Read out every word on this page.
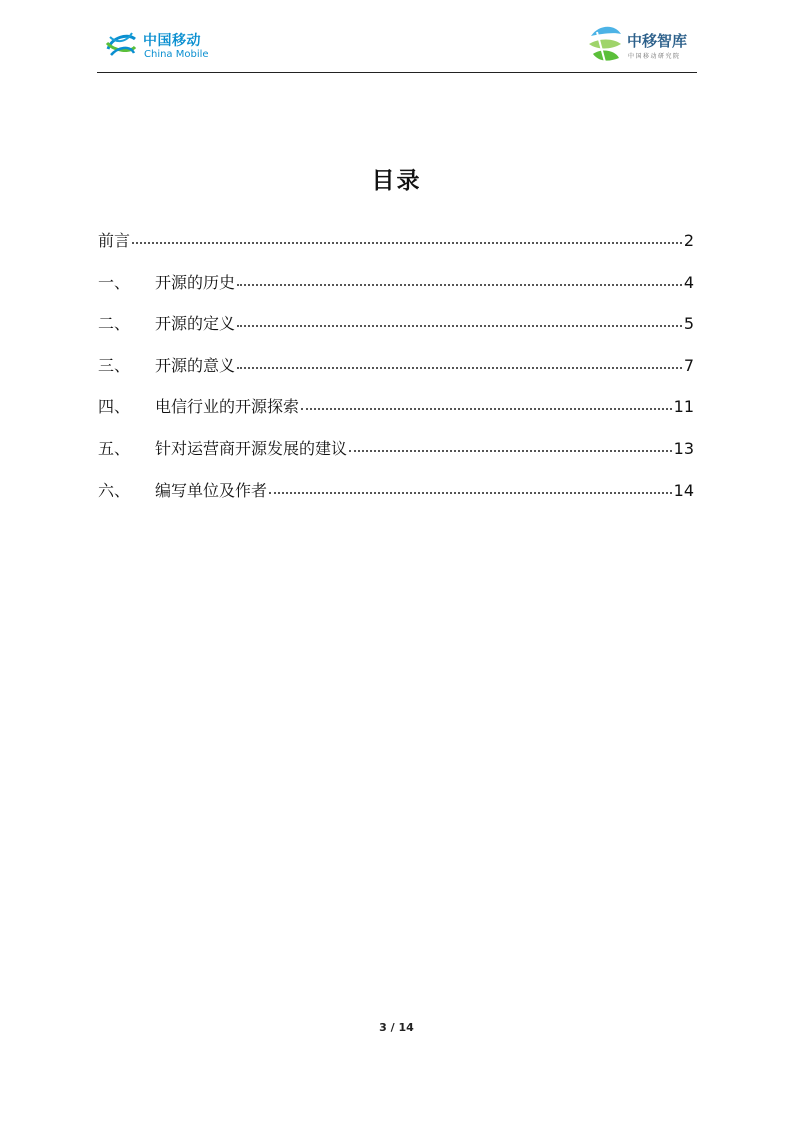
中国移动
China Mobile
中移智库
中国移动研究院
目录
前言	2
一、	开源的历史	4
二、	开源的定义	5
三、	开源的意义	7
四、	电信行业的开源探索	11
五、	针对运营商开源发展的建议	13
六、	编写单位及作者	14
3 / 14
